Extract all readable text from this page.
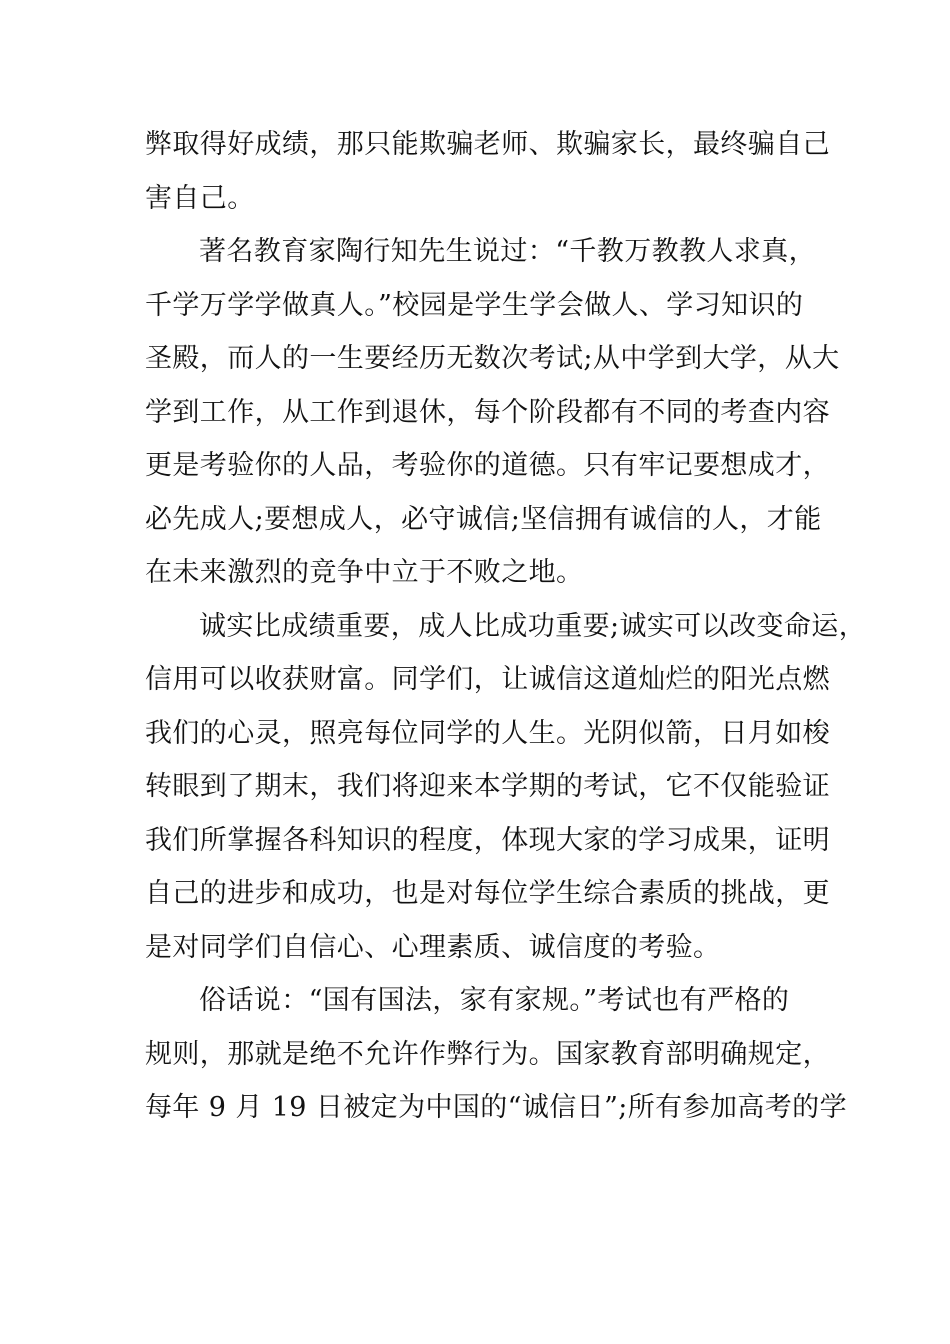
弊取得好成绩，那只能欺骗老师、欺骗家长，最终骗自己
害自己。
著名教育家陶行知先生说过：“千教万教教人求真，
千学万学学做真人。”校园是学生学会做人、学习知识的
圣殿，而人的一生要经历无数次考试;从中学到大学，从大
学到工作，从工作到退休，每个阶段都有不同的考查内容
更是考验你的人品，考验你的道德。只有牢记要想成才，
必先成人;要想成人，必守诚信;坚信拥有诚信的人，才能
在未来激烈的竞争中立于不败之地。
诚实比成绩重要，成人比成功重要;诚实可以改变命运，
信用可以收获财富。同学们，让诚信这道灿烂的阳光点燃
我们的心灵，照亮每位同学的人生。光阴似箭，日月如梭
转眼到了期末，我们将迎来本学期的考试，它不仅能验证
我们所掌握各科知识的程度，体现大家的学习成果，证明
自己的进步和成功，也是对每位学生综合素质的挑战，更
是对同学们自信心、心理素质、诚信度的考验。
俗话说：“国有国法，家有家规。”考试也有严格的
规则，那就是绝不允许作弊行为。国家教育部明确规定，
每年 9 月 19 日被定为中国的“诚信日”;所有参加高考的学
